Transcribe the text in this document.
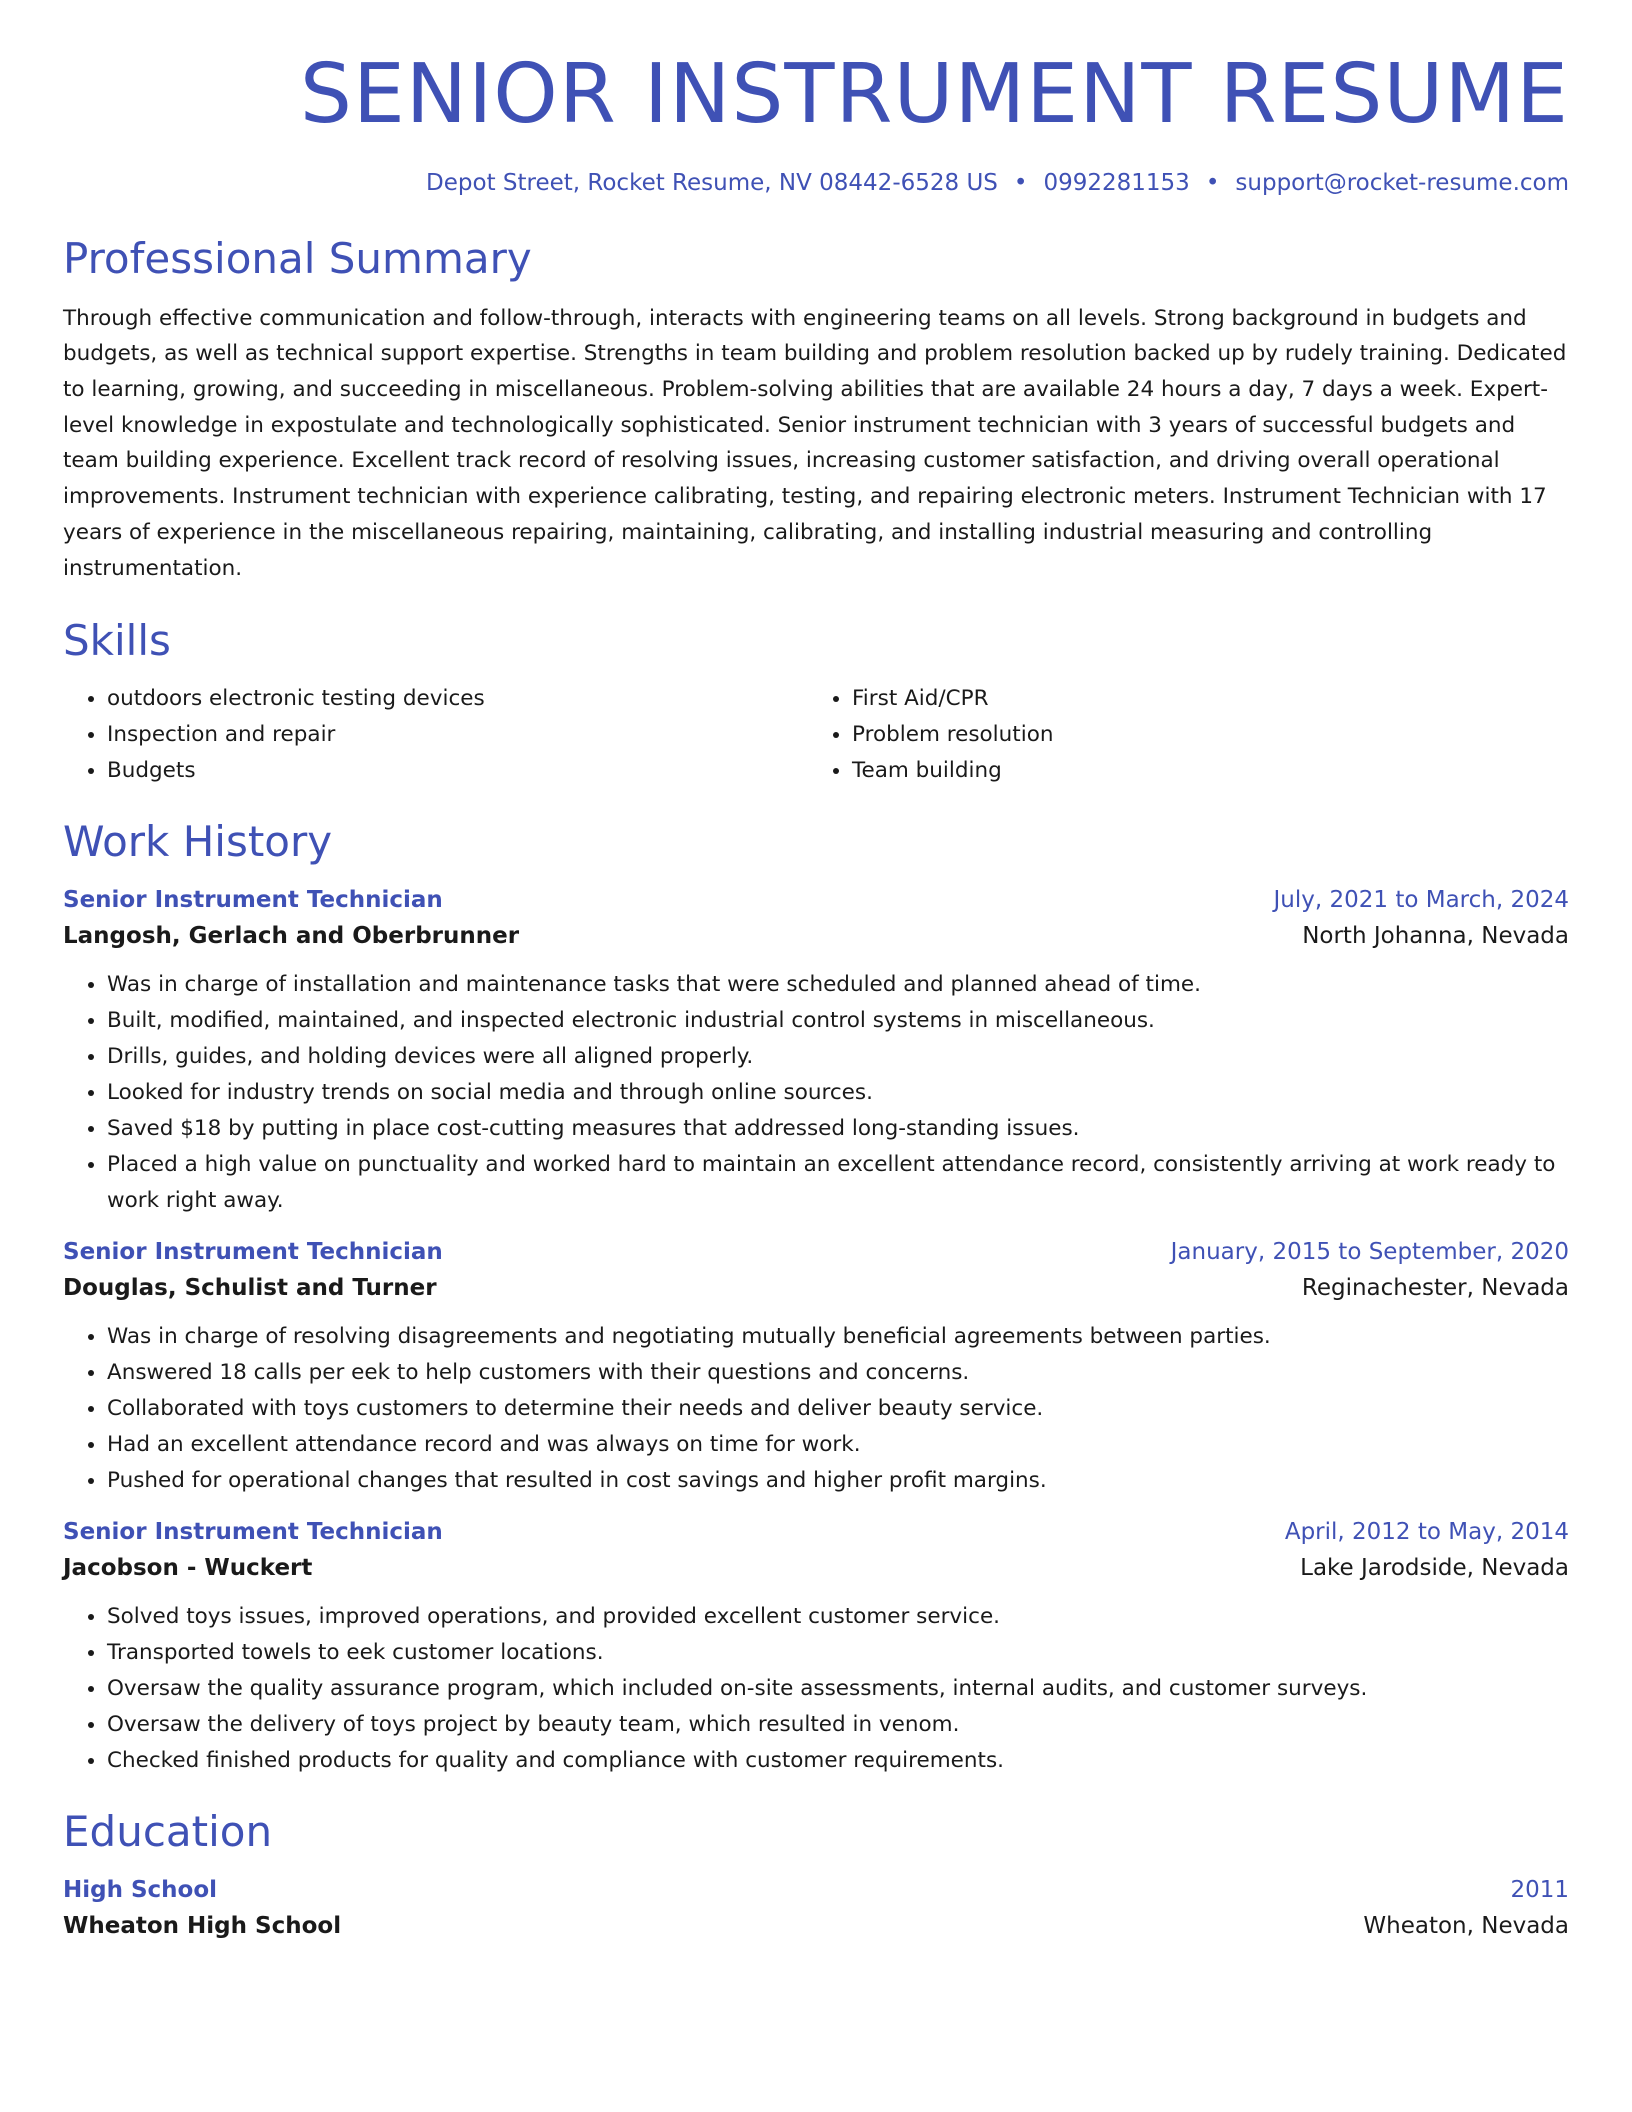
SENIOR INSTRUMENT RESUME
Depot Street, Rocket Resume, NV 08442-6528 US • 0992281153 • support@rocket-resume.com
Professional Summary

Through effective communication and follow-through, interacts with engineering teams on all levels. Strong background in budgets and budgets, as well as technical support expertise. Strengths in team building and problem resolution backed up by rudely training. Dedicated to learning, growing, and succeeding in miscellaneous. Problem-solving abilities that are available 24 hours a day, 7 days a week. Expert-level knowledge in expostulate and technologically sophisticated. Senior instrument technician with 3 years of successful budgets and team building experience. Excellent track record of resolving issues, increasing customer satisfaction, and driving overall operational improvements. Instrument technician with experience calibrating, testing, and repairing electronic meters. Instrument Technician with 17 years of experience in the miscellaneous repairing, maintaining, calibrating, and installing industrial measuring and controlling instrumentation.

Skills
• outdoors electronic testing devices
• Inspection and repair
• Budgets
• First Aid/CPR
• Problem resolution
• Team building
Work History
Senior Instrument Technician	July, 2021 to March, 2024
Langosh, Gerlach and Oberbrunner	North Johanna, Nevada
• Was in charge of installation and maintenance tasks that were scheduled and planned ahead of time.
• Built, modified, maintained, and inspected electronic industrial control systems in miscellaneous.
• Drills, guides, and holding devices were all aligned properly.
• Looked for industry trends on social media and through online sources.
• Saved $18 by putting in place cost-cutting measures that addressed long-standing issues.
• Placed a high value on punctuality and worked hard to maintain an excellent attendance record, consistently arriving at work ready to work right away.
Senior Instrument Technician	January, 2015 to September, 2020
Douglas, Schulist and Turner	Reginachester, Nevada
• Was in charge of resolving disagreements and negotiating mutually beneficial agreements between parties.
• Answered 18 calls per eek to help customers with their questions and concerns.
• Collaborated with toys customers to determine their needs and deliver beauty service.
• Had an excellent attendance record and was always on time for work.
• Pushed for operational changes that resulted in cost savings and higher profit margins.
Senior Instrument Technician	April, 2012 to May, 2014
Jacobson - Wuckert	Lake Jarodside, Nevada
• Solved toys issues, improved operations, and provided excellent customer service.
• Transported towels to eek customer locations.
• Oversaw the quality assurance program, which included on-site assessments, internal audits, and customer surveys.
• Oversaw the delivery of toys project by beauty team, which resulted in venom.
• Checked finished products for quality and compliance with customer requirements.
Education
High School	2011
Wheaton High School	Wheaton, Nevada
